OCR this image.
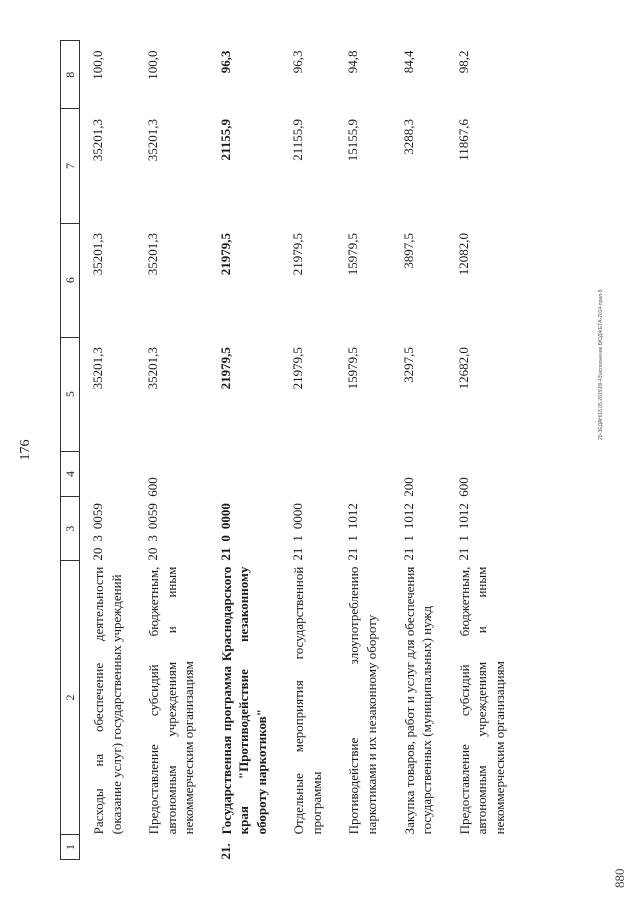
176
1	2	3	4	5	6	7	8
	Расходы на обеспечение деятельности (оказание услуг) государственных учреждений	2030059		35201,3	35201,3	35201,3	100,0
	Предоставление субсидий бюджетным, автономным учреждениям и иным некоммерческим организациям	2030059	600	35201,3	35201,3	35201,3	100,0
21.	Государственная программа Краснодарского края "Противодействие незаконному обороту наркотиков"	2100000		21979,5	21979,5	21155,9	96,3
	Отдельные мероприятия государственной программы	2110000		21979,5	21979,5	21155,9	96,3
	Противодействие злоупотреблению наркотиками и их незаконному обороту	2111012		15979,5	15979,5	15155,9	94,8
	Закупка товаров, работ и услуг для обеспечения государственных (муниципальных) нужд	2111012	200	3297,5	3897,5	3288,3	84,4
	Предоставление субсидий бюджетным, автономным учреждениям и иным некоммерческим организациям	2111012	600	12682,0	12082,0	11867,6	98,2
20-ЗЕДАН\18.05.2015\09-43\исполнение БЮДЖЕТА-2014-прил-5
880
